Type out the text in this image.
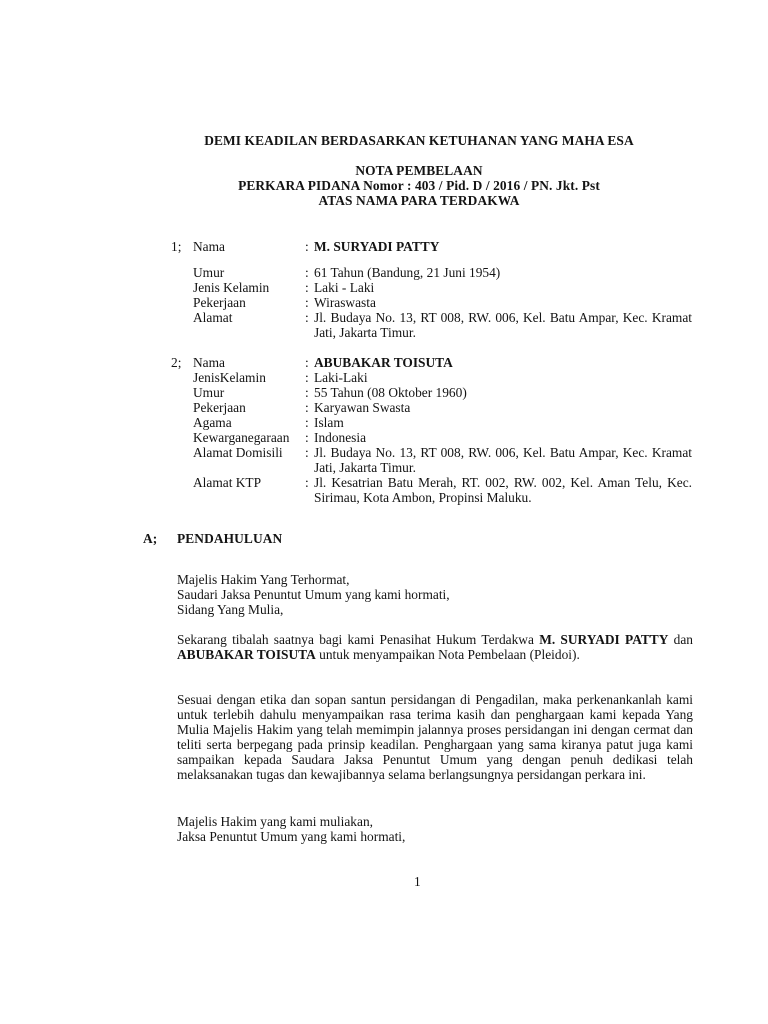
DEMI KEADILAN BERDASARKAN KETUHANAN YANG MAHA ESA
NOTA PEMBELAAN
PERKARA PIDANA Nomor : 403 / Pid. D / 2016 / PN. Jkt. Pst
ATAS NAMA PARA TERDAKWA
1; Nama	: M. SURYADI PATTY
Umur	: 61 Tahun (Bandung, 21 Juni 1954)
Jenis Kelamin	: Laki - Laki
Pekerjaan	: Wiraswasta
Alamat	: Jl. Budaya No. 13, RT 008, RW. 006, Kel. Batu Ampar, Kec. Kramat Jati, Jakarta Timur.
2; Nama	: ABUBAKAR TOISUTA
JenisKelamin	: Laki-Laki
Umur	: 55 Tahun (08 Oktober 1960)
Pekerjaan	: Karyawan Swasta
Agama	: Islam
Kewarganegaraan	: Indonesia
Alamat Domisili	: Jl. Budaya No. 13, RT 008, RW. 006, Kel. Batu Ampar, Kec. Kramat Jati, Jakarta Timur.
Alamat KTP	: Jl. Kesatrian Batu Merah, RT. 002, RW. 002, Kel. Aman Telu, Kec. Sirimau, Kota Ambon, Propinsi Maluku.
A; PENDAHULUAN
Majelis Hakim Yang Terhormat,
Saudari Jaksa Penuntut Umum yang kami hormati,
Sidang Yang Mulia,
Sekarang tibalah saatnya bagi kami Penasihat Hukum Terdakwa M. SURYADI PATTY dan ABUBAKAR TOISUTA untuk menyampaikan Nota Pembelaan (Pleidoi).
Sesuai dengan etika dan sopan santun persidangan di Pengadilan, maka perkenankanlah kami untuk terlebih dahulu menyampaikan rasa terima kasih dan penghargaan kami kepada Yang Mulia Majelis Hakim yang telah memimpin jalannya proses persidangan ini dengan cermat dan teliti serta berpegang pada prinsip keadilan. Penghargaan yang sama kiranya patut juga kami sampaikan kepada Saudara Jaksa Penuntut Umum yang dengan penuh dedikasi telah melaksanakan tugas dan kewajibannya selama berlangsungnya persidangan perkara ini.
Majelis Hakim yang kami muliakan,
Jaksa Penuntut Umum yang kami hormati,
1
